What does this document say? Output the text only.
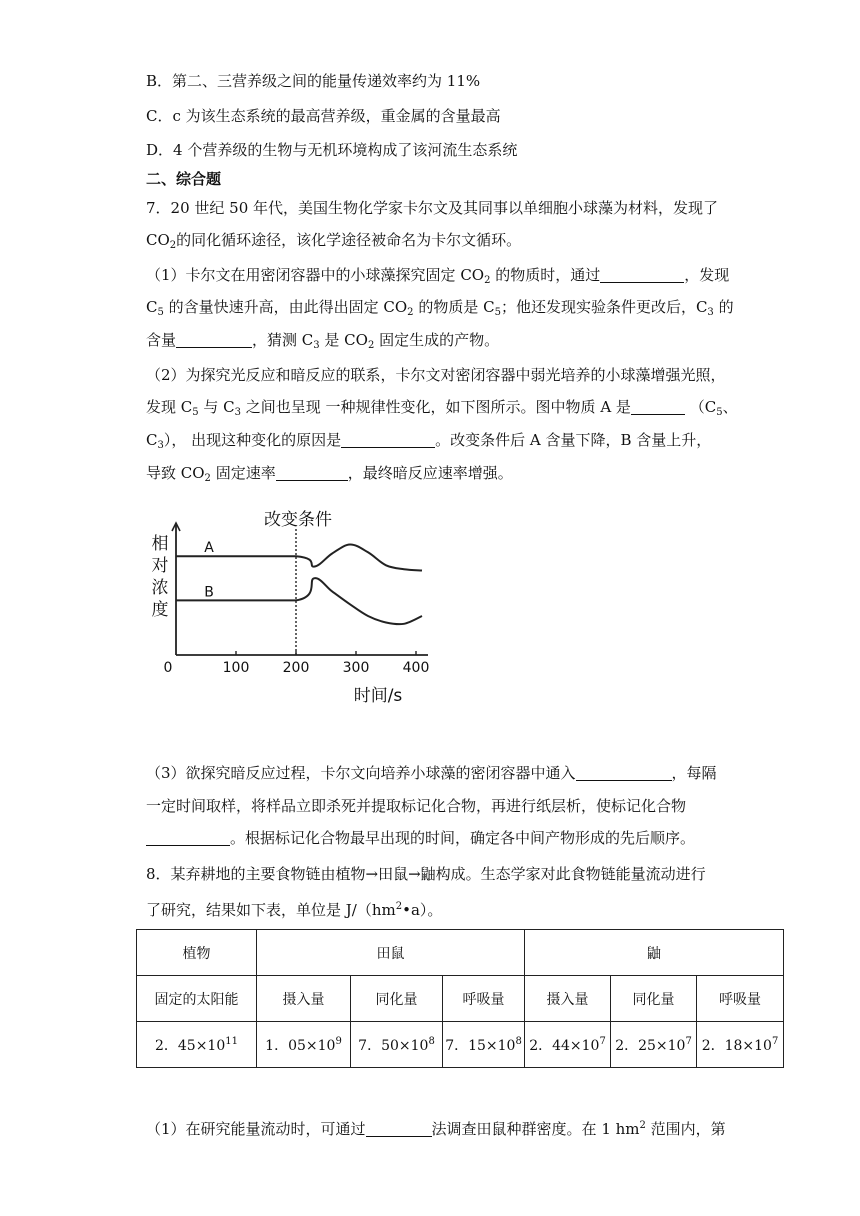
B．第二、三营养级之间的能量传递效率约为 11%
C．c 为该生态系统的最高营养级，重金属的含量最高
D．4 个营养级的生物与无机环境构成了该河流生态系统
二、综合题
7．20 世纪 50 年代，美国生物化学家卡尔文及其同事以单细胞小球藻为材料，发现了
$CO_2$的同化循环途径，该化学途径被命名为卡尔文循环。
（1）卡尔文在用密闭容器中的小球藻探究固定 $CO_2$ 的物质时，通过	，发现
$C_5$ 的含量快速升高，由此得出固定 $CO_2$ 的物质是 $C_5$；他还发现实验条件更改后，$C_3$ 的
含量	，猜测 $C_3$ 是 $CO_2$ 固定生成的产物。
（2）为探究光反应和暗反应的联系，卡尔文对密闭容器中弱光培养的小球藻增强光照，
发现 $C_5$ 与 $C_3$ 之间也呈现 一种规律性变化，如下图所示。图中物质 A 是	（$C_5$、
$C_3$）， 出现这种变化的原因是	。改变条件后 A 含量下降，B 含量上升，
导致 $CO_2$ 固定速率	，最终暗反应速率增强。
0	100 200 300 400
改变条件
A
B
相
对
浓
度
时间/s
（3）欲探究暗反应过程，卡尔文向培养小球藻的密闭容器中通入	，每隔
一定时间取样，将样品立即杀死并提取标记化合物，再进行纸层析，使标记化合物
。根据标记化合物最早出现的时间，确定各中间产物形成的先后顺序。
8．某弃耕地的主要食物链由植物→田鼠→鼬构成。生态学家对此食物链能量流动进行
了研究，结果如下表，单位是 $J/(hm^2•a)$。
植物	田鼠			鼬		
固定的太阳能	摄入量	同化量	呼吸量	摄入量	同化量	呼吸量
2．$45\times 10^{11}$	1．$05\times 10^9$	7．$50\times 10^8$	7．$15\times 10^8$	2．$44\times 10^7$	2．$25\times 10^7$	2．$18\times 10^7$
（1）在研究能量流动时，可通过	法调查田鼠种群密度。在 1 $hm^2$ 范围内，第
